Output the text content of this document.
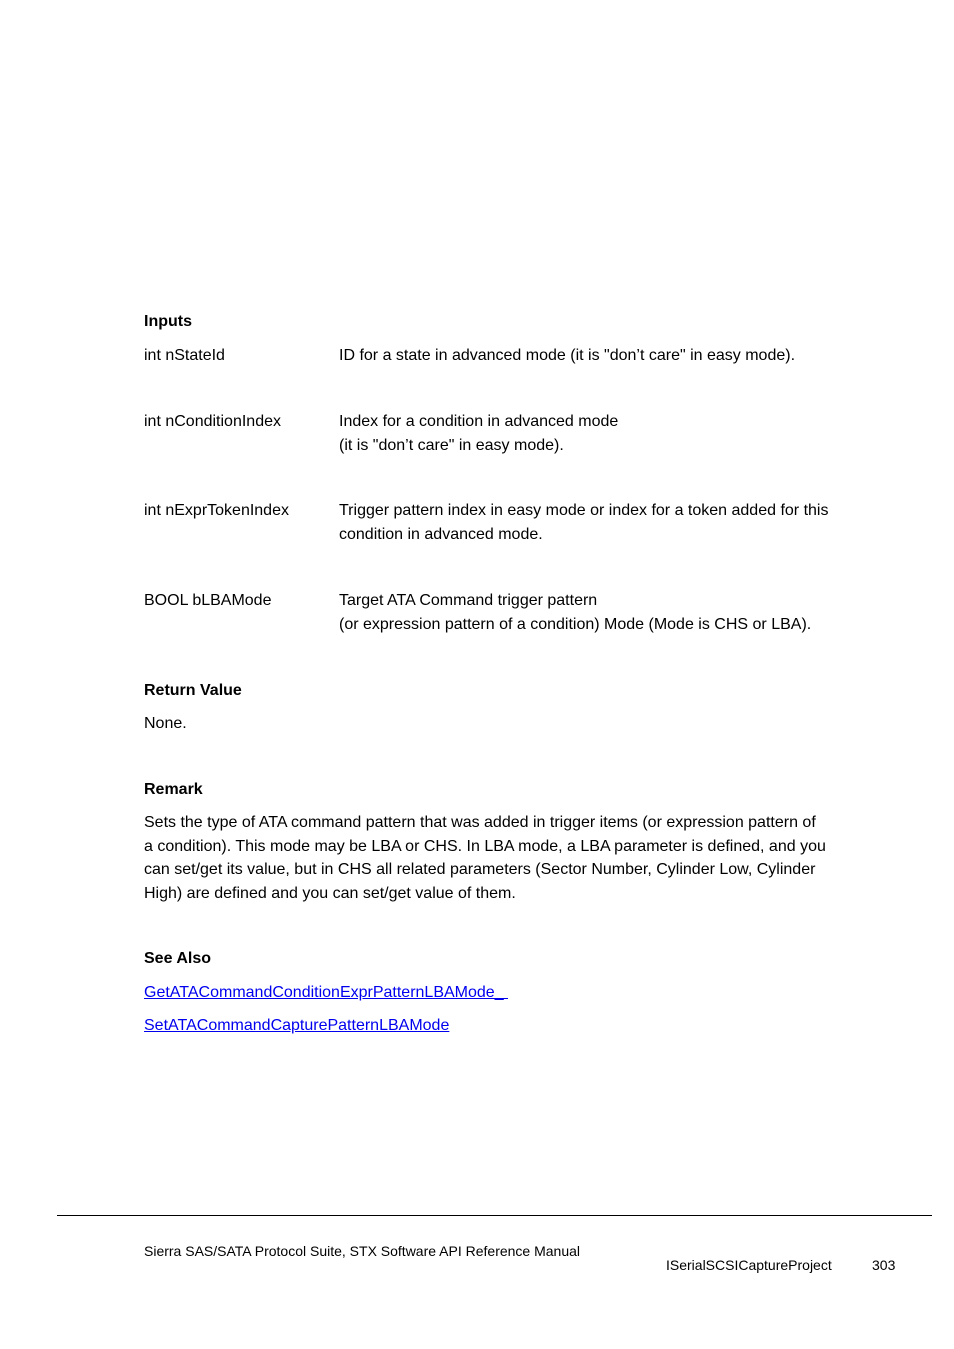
Inputs
int nStateId	ID for a state in advanced mode (it is "don’t care" in easy mode).
int nConditionIndex	Index for a condition in advanced mode
(it is "don’t care" in easy mode).
int nExprTokenIndex	Trigger pattern index in easy mode or index for a token added for this
condition in advanced mode.
BOOL bLBAMode	Target ATA Command trigger pattern
(or expression pattern of a condition) Mode (Mode is CHS or LBA).
Return Value
None.
Remark
Sets the type of ATA command pattern that was added in trigger items (or expression pattern of
a condition). This mode may be LBA or CHS. In LBA mode, a LBA parameter is defined, and you
can set/get its value, but in CHS all related parameters (Sector Number, Cylinder Low, Cylinder
High) are defined and you can set/get value of them.
See Also
GetATACommandConditionExprPatternLBAMode_
SetATACommandCapturePatternLBAMode
Sierra SAS/SATA Protocol Suite, STX Software API Reference Manual
ISerialSCSICaptureProject	303
